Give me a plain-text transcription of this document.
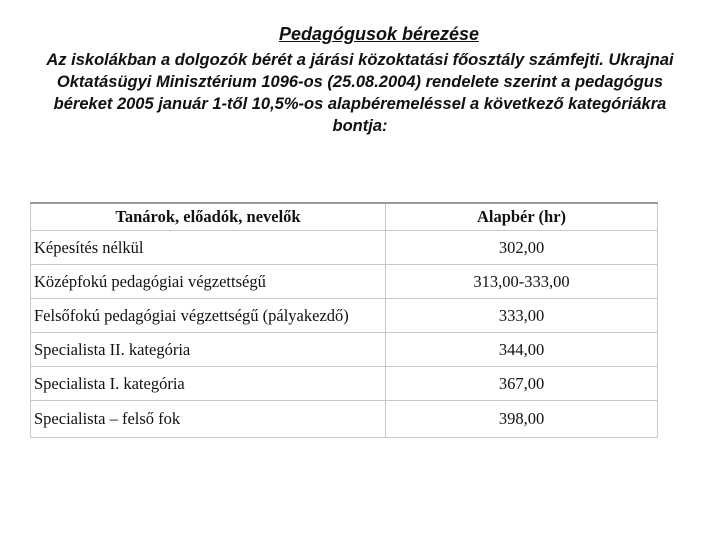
Pedagógusok bérezése

Az iskolákban a dolgozók bérét a járási közoktatási főosztály számfejti. Ukrajnai Oktatásügyi Minisztérium 1096-os (25.08.2004) rendelete szerint a pedagógus béreket 2005 január 1-től 10,5%-os alapbéremeléssel a következő kategóriákra bontja:

Tanárok, előadók, nevelők	Alapbér (hr)
Képesítés nélkül	302,00
Középfokú pedagógiai végzettségű	313,00-333,00
Felsőfokú pedagógiai végzettségű (pályakezdő)	333,00
Specialista II. kategória	344,00
Specialista I. kategória	367,00
Specialista – felső fok	398,00
